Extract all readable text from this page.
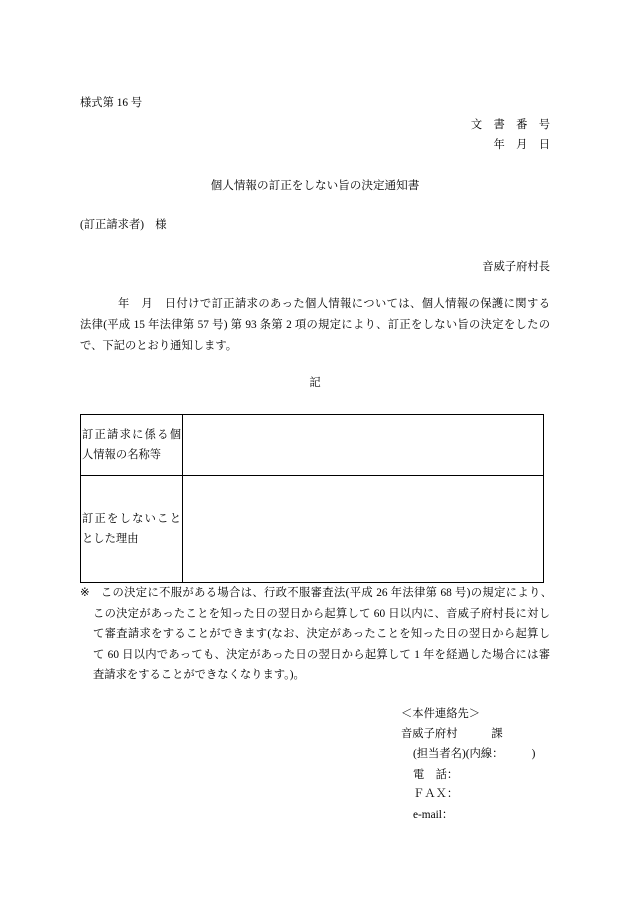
様式第 16 号
文　書　番　号
年　月　日
個人情報の訂正をしない旨の決定通知書
(訂正請求者)　様
音威子府村長
年　月　日付けで訂正請求のあった個人情報については、個人情報の保護に関する
法律(平成 15 年法律第 57 号) 第 93 条第 2 項の規定により、訂正をしない旨の決定をしたの
で、下記のとおり通知します。
記
訂正請求に係る個
人情報の名称等
訂正をしないこと
とした理由
※ この決定に不服がある場合は、行政不服審査法(平成 26 年法律第 68 号)の規定により、
この決定があったことを知った日の翌日から起算して 60 日以内に、音威子府村長に対し
て審査請求をすることができます(なお、決定があったことを知った日の翌日から起算し
て 60 日以内であっても、決定があった日の翌日から起算して 1 年を経過した場合には審
査請求をすることができなくなります。)。
＜本件連絡先＞
音威子府村　　　課
(担当者名)(内線：　　　)
電　話：
ＦＡＸ：
e-mail：
